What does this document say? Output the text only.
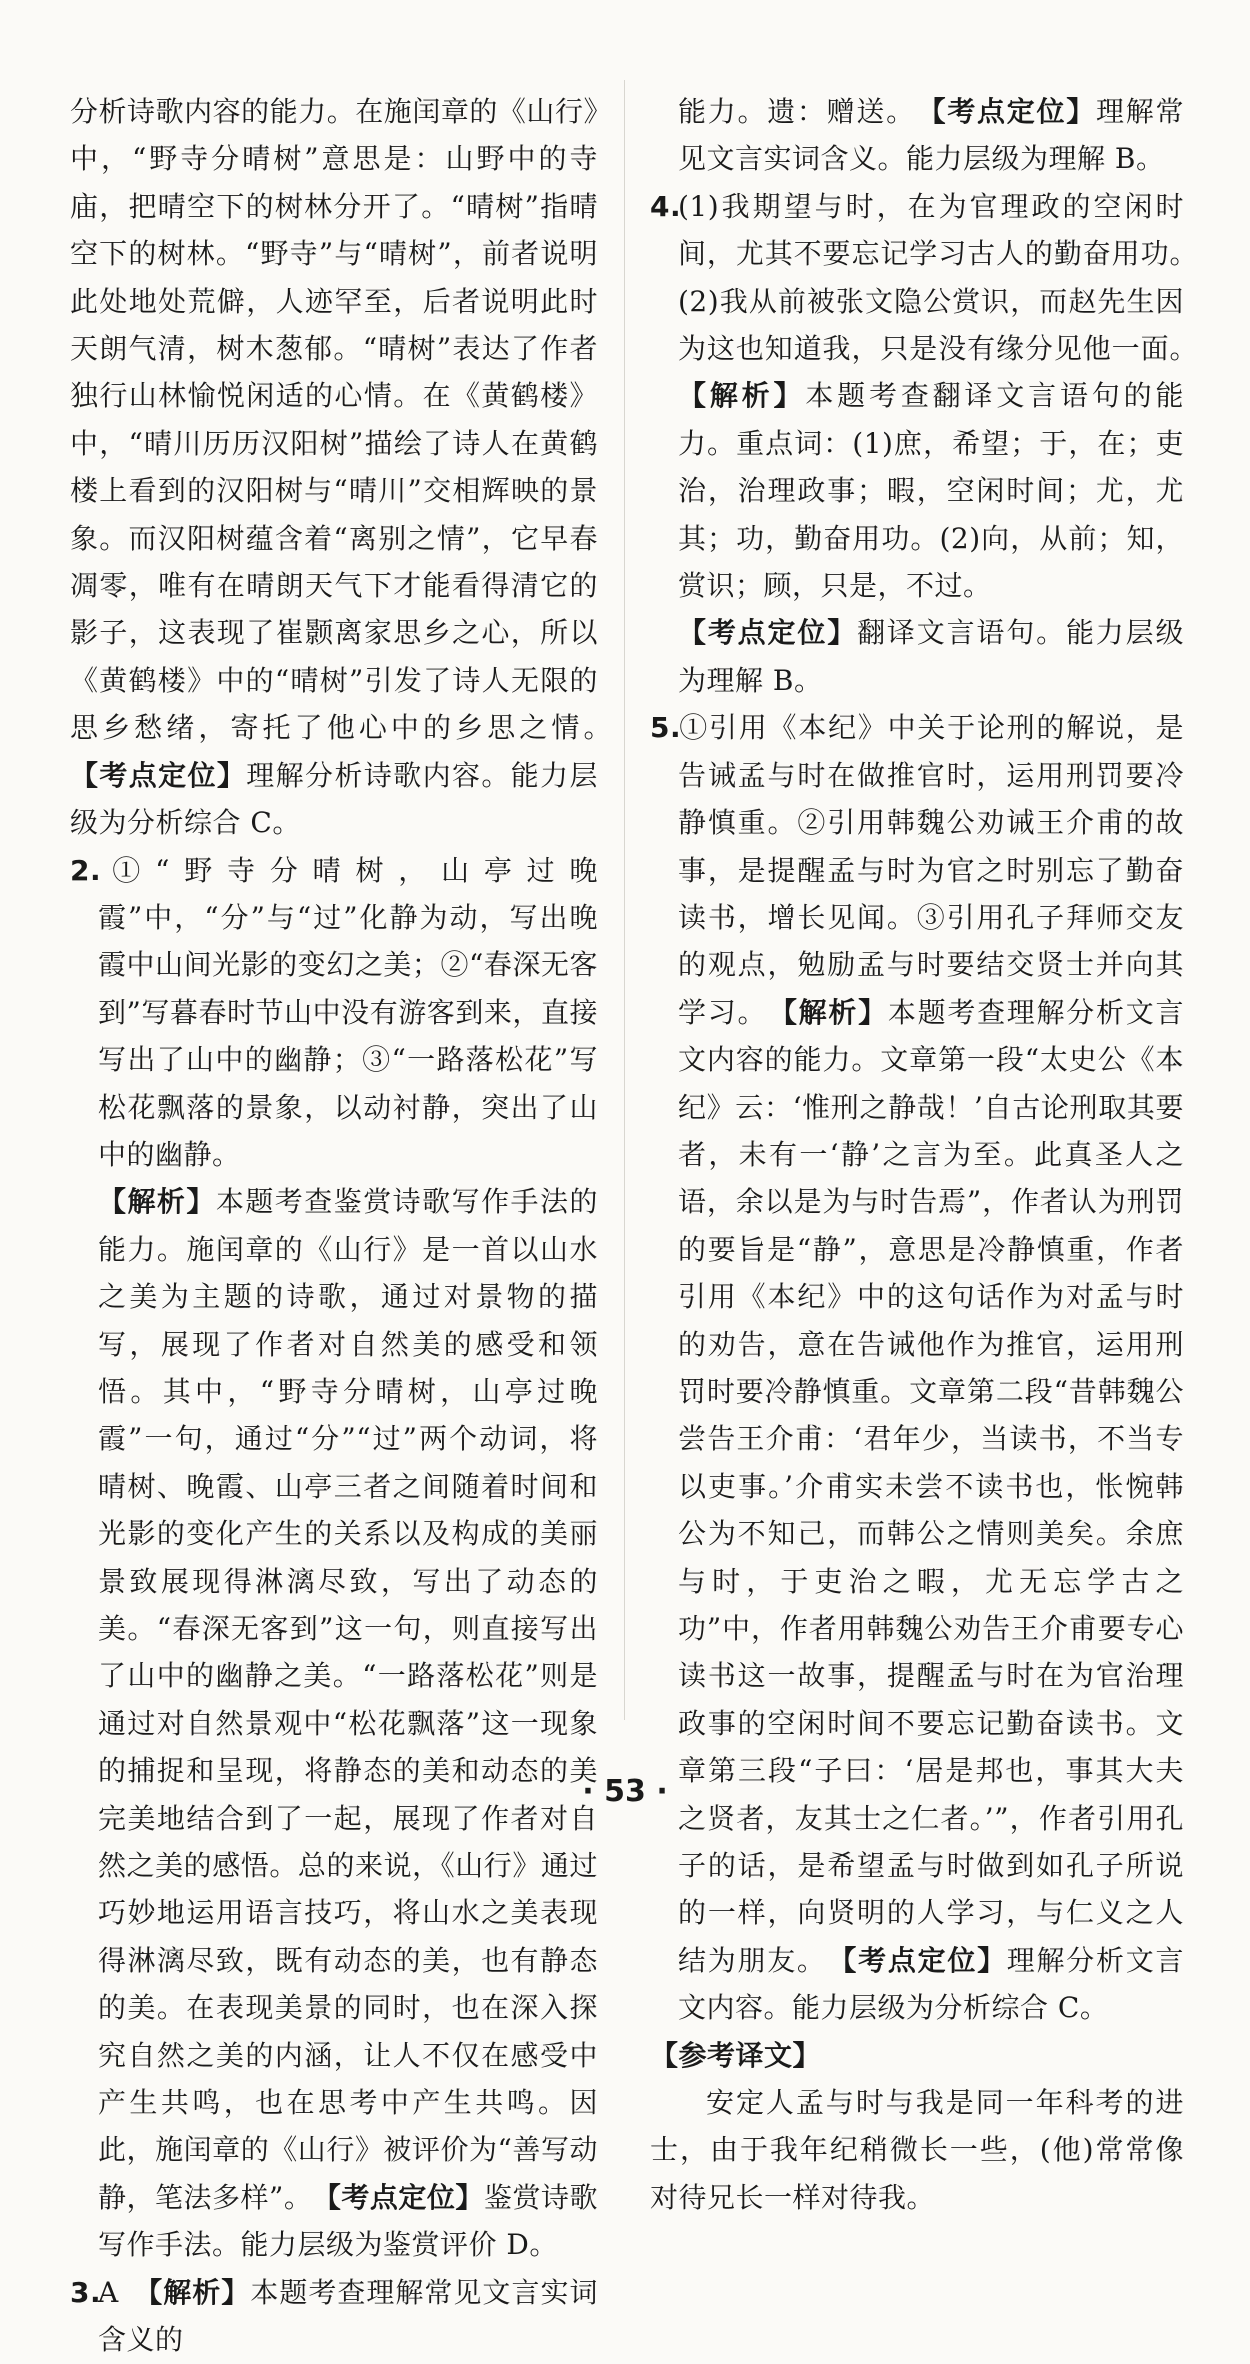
分析诗歌内容的能力。在施闰章的《山行》中，“野寺分晴树”意思是：山野中的寺庙，把晴空下的树林分开了。“晴树”指晴空下的树林。“野寺”与“晴树”，前者说明此处地处荒僻，人迹罕至，后者说明此时天朗气清，树木葱郁。“晴树”表达了作者独行山林愉悦闲适的心情。在《黄鹤楼》中，“晴川历历汉阳树”描绘了诗人在黄鹤楼上看到的汉阳树与“晴川”交相辉映的景象。而汉阳树蕴含着“离别之情”，它早春凋零，唯有在晴朗天气下才能看得清它的影子，这表现了崔颢离家思乡之心，所以《黄鹤楼》中的“晴树”引发了诗人无限的思乡愁绪，寄托了他心中的乡思之情。　【考点定位】理解分析诗歌内容。能力层级为分析综合 C。

2.①“野寺分晴树，山亭过晚霞”中，“分”与“过”化静为动，写出晚霞中山间光影的变幻之美；②“春深无客到”写暮春时节山中没有游客到来，直接写出了山中的幽静；③“一路落松花”写松花飘落的景象，以动衬静，突出了山中的幽静。

【解析】本题考查鉴赏诗歌写作手法的能力。施闰章的《山行》是一首以山水之美为主题的诗歌，通过对景物的描写，展现了作者对自然美的感受和领悟。其中，“野寺分晴树，山亭过晚霞”一句，通过“分”“过”两个动词，将晴树、晚霞、山亭三者之间随着时间和光影的变化产生的关系以及构成的美丽景致展现得淋漓尽致，写出了动态的美。“春深无客到”这一句，则直接写出了山中的幽静之美。“一路落松花”则是通过对自然景观中“松花飘落”这一现象的捕捉和呈现，将静态的美和动态的美完美地结合到了一起，展现了作者对自然之美的感悟。总的来说，《山行》通过巧妙地运用语言技巧，将山水之美表现得淋漓尽致，既有动态的美，也有静态的美。在表现美景的同时，也在深入探究自然之美的内涵，让人不仅在感受中产生共鸣，也在思考中产生共鸣。因此，施闰章的《山行》被评价为“善写动静，笔法多样”。　 【考点定位】鉴赏诗歌写作手法。能力层级为鉴赏评价 D。

3.A　 【解析】本题考查理解常见文言实词含义的

能力。遗：赠送。　 【考点定位】理解常见文言实词含义。能力层级为理解 B。

4.(1)我期望与时，在为官理政的空闲时间，尤其不要忘记学习古人的勤奋用功。　(2)我从前被张文隐公赏识，而赵先生因为这也知道我，只是没有缘分见他一面。　【解析】本题考查翻译文言语句的能力。重点词：(1)庶，希望；于，在；吏治，治理政事；暇，空闲时间；尤，尤其；功，勤奋用功。(2)向，从前；知，赏识；顾，只是，不过。

【考点定位】翻译文言语句。能力层级为理解 B。

5.①引用《本纪》中关于论刑的解说，是告诫孟与时在做推官时，运用刑罚要冷静慎重。②引用韩魏公劝诫王介甫的故事，是提醒孟与时为官之时别忘了勤奋读书，增长见闻。③引用孔子拜师交友的观点，勉励孟与时要结交贤士并向其学习。　 【解析】本题考查理解分析文言文内容的能力。文章第一段“太史公《本纪》云：‘惟刑之静哉！’自古论刑取其要者，未有一‘静’之言为至。此真圣人之语，余以是为与时告焉”，作者认为刑罚的要旨是“静”，意思是冷静慎重，作者引用《本纪》中的这句话作为对孟与时的劝告，意在告诫他作为推官，运用刑罚时要冷静慎重。文章第二段“昔韩魏公尝告王介甫：‘君年少，当读书，不当专以吏事。’介甫实未尝不读书也，怅惋韩公为不知己，而韩公之情则美矣。余庶与时，于吏治之暇，尤无忘学古之功”中，作者用韩魏公劝告王介甫要专心读书这一故事，提醒孟与时在为官治理政事的空闲时间不要忘记勤奋读书。文章第三段“子曰：‘居是邦也，事其大夫之贤者，友其士之仁者。’”，作者引用孔子的话，是希望孟与时做到如孔子所说的一样，向贤明的人学习，与仁义之人结为朋友。　 【考点定位】理解分析文言文内容。能力层级为分析综合 C。

【参考译文】

安定人孟与时与我是同一年科考的进士，由于我年纪稍微长一些，(他)常常像对待兄长一样对待我。

· 53 ·
